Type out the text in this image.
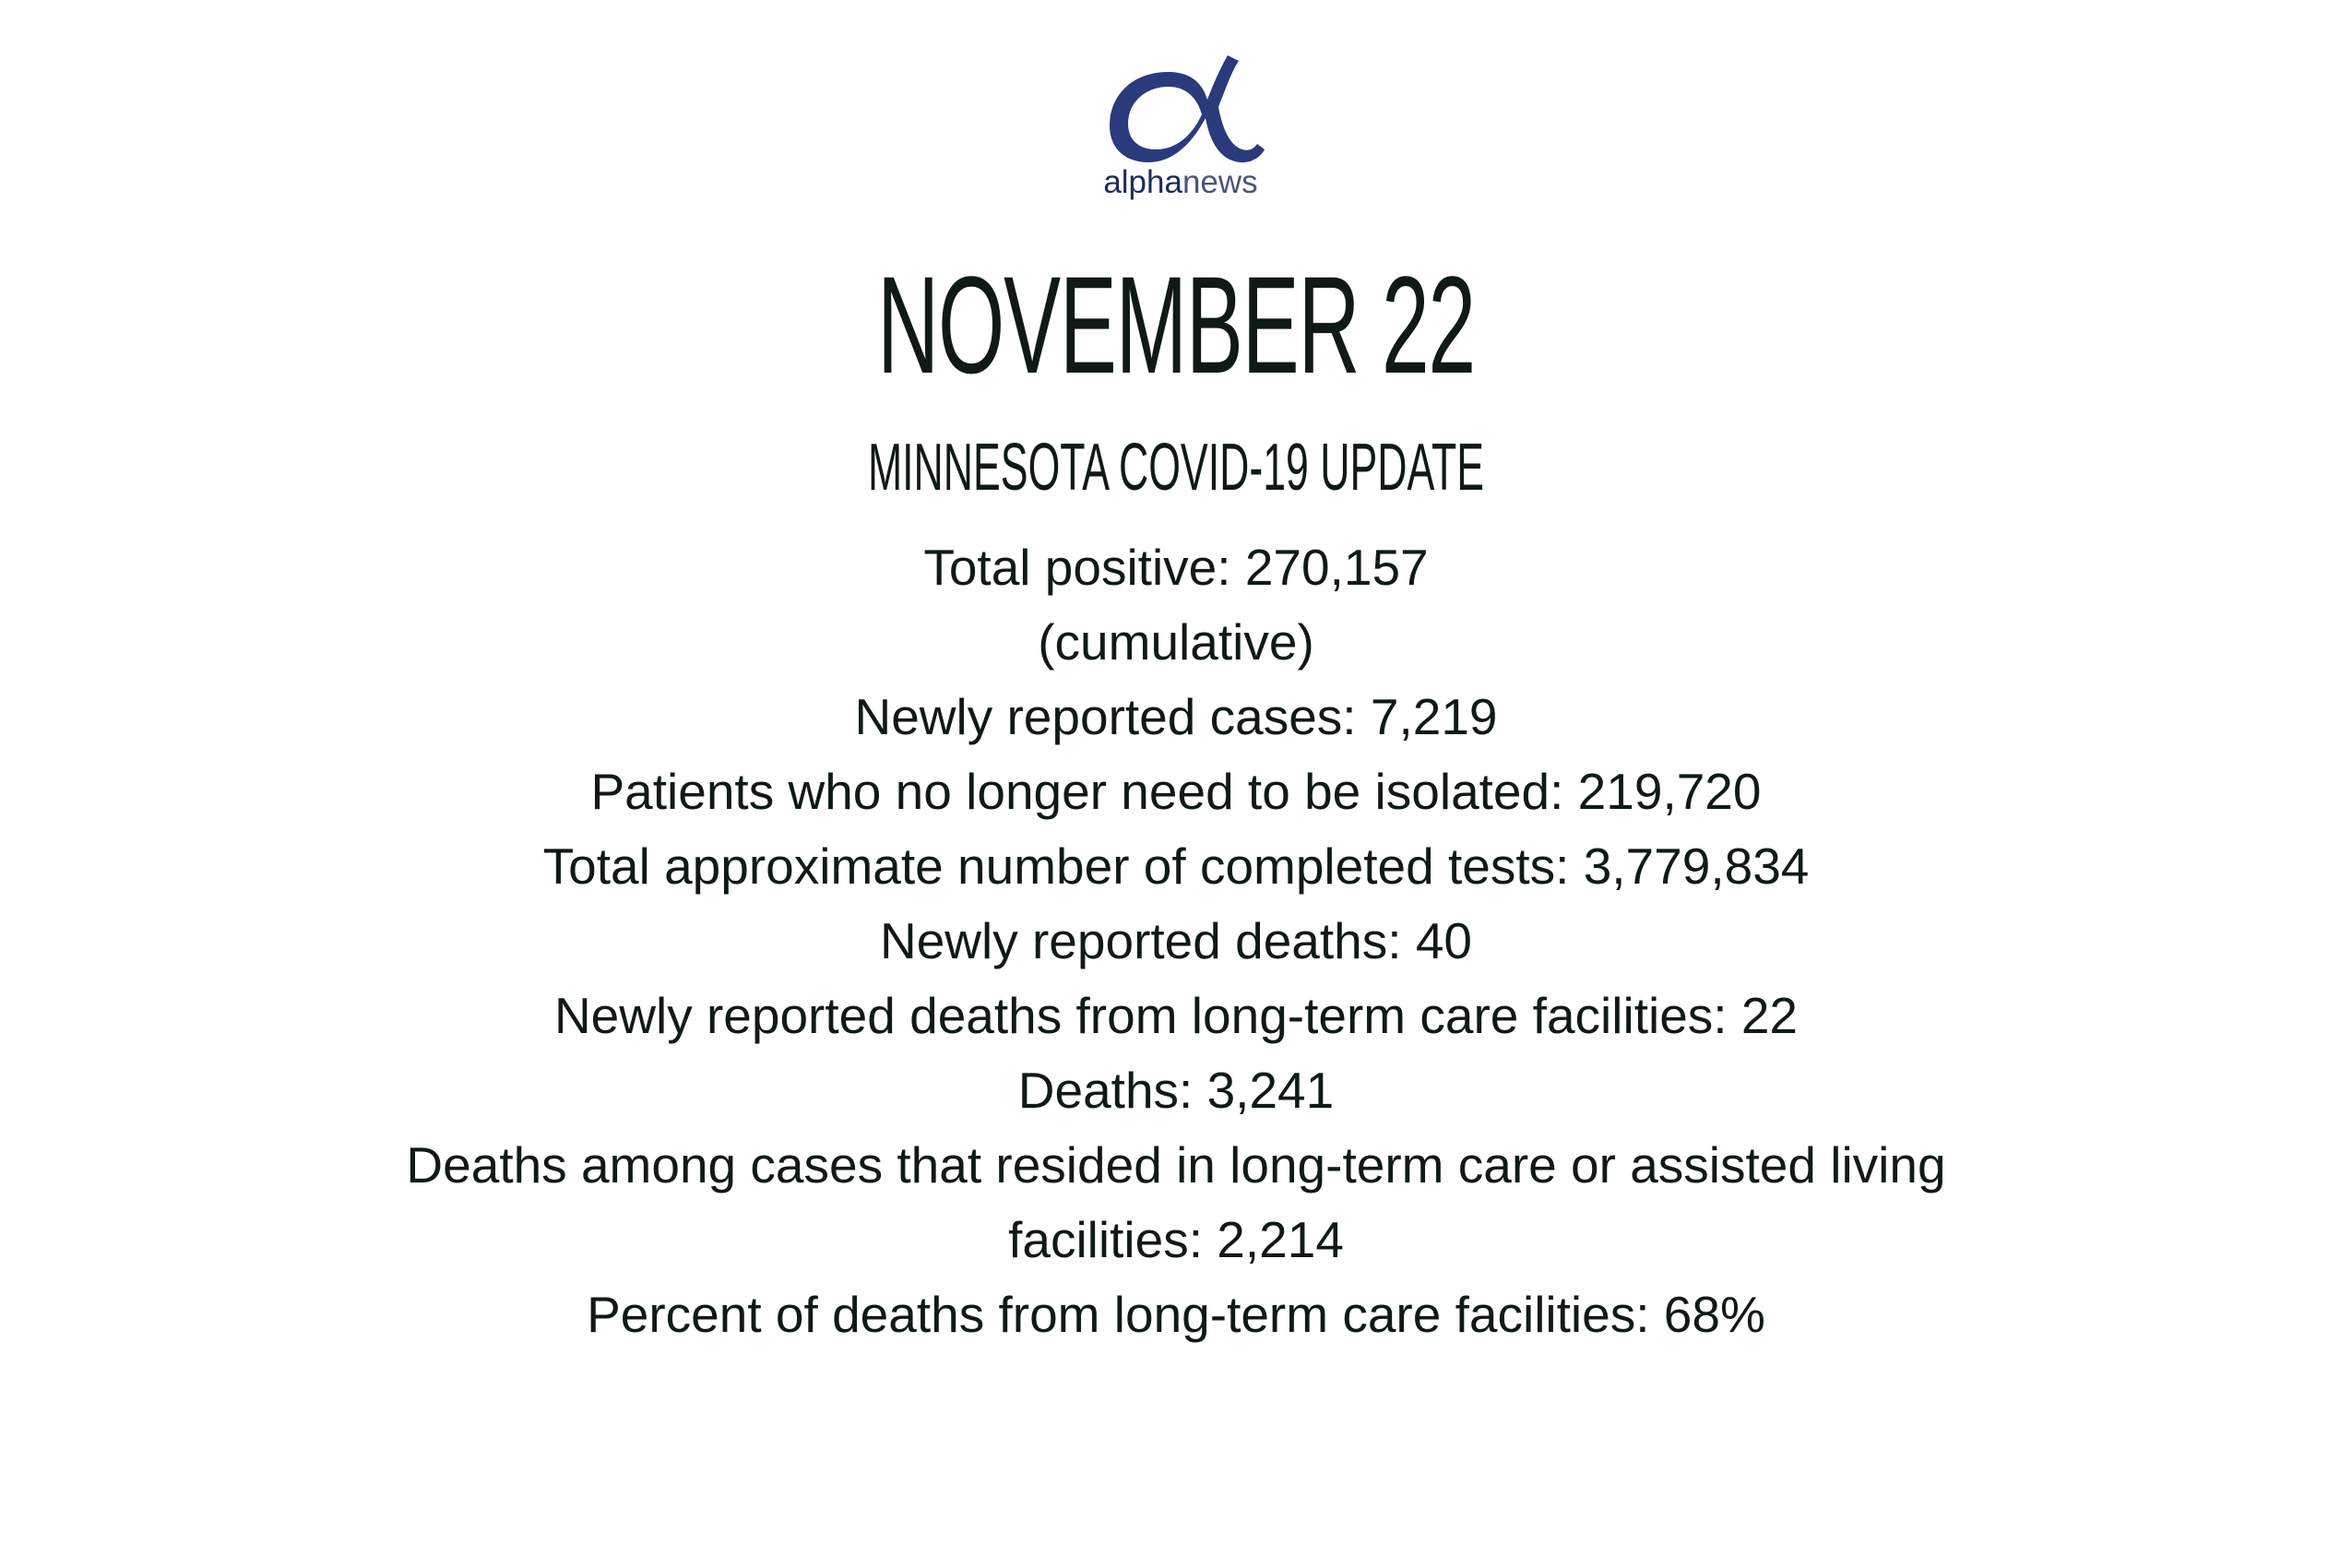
alphanews
NOVEMBER 22
MINNESOTA COVID-19 UPDATE
Total positive: 270,157
(cumulative)
Newly reported cases: 7,219
Patients who no longer need to be isolated: 219,720
Total approximate number of completed tests: 3,779,834
Newly reported deaths: 40
Newly reported deaths from long-term care facilities: 22
Deaths: 3,241
Deaths among cases that resided in long-term care or assisted living
facilities: 2,214
Percent of deaths from long-term care facilities: 68%
